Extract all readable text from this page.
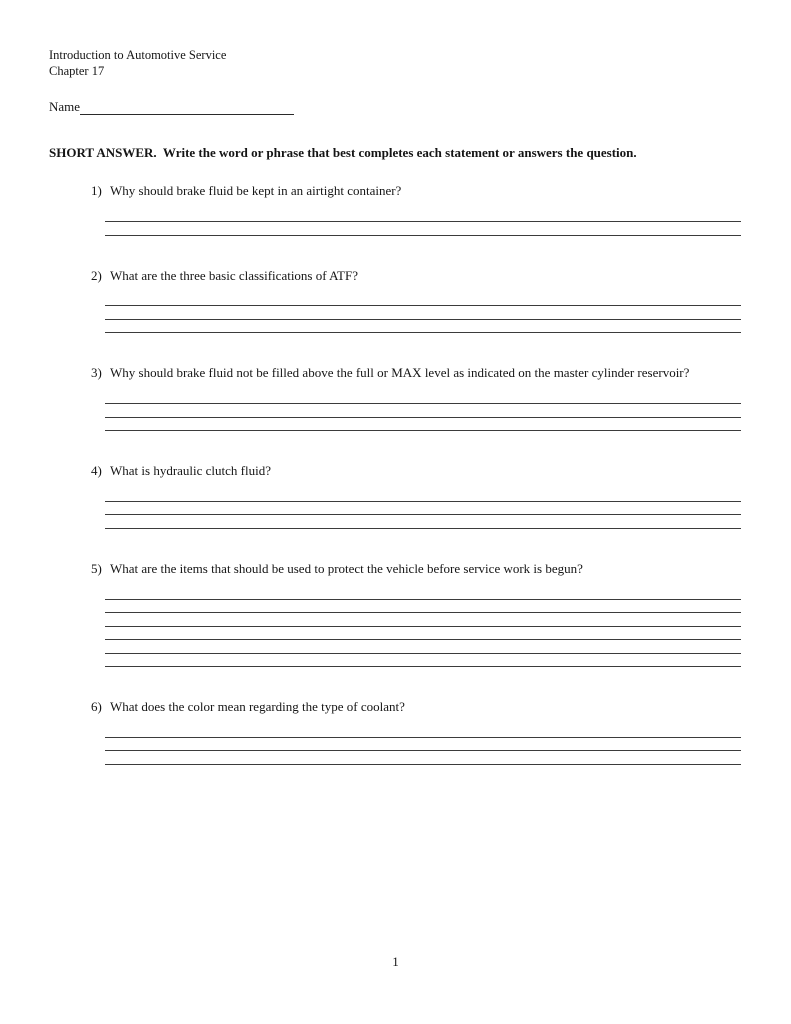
Introduction to Automotive Service
Chapter 17
Name
SHORT ANSWER.  Write the word or phrase that best completes each statement or answers the question.
1) Why should brake fluid be kept in an airtight container?
2) What are the three basic classifications of ATF?
3) Why should brake fluid not be filled above the full or MAX level as indicated on the master cylinder reservoir?
4) What is hydraulic clutch fluid?
5) What are the items that should be used to protect the vehicle before service work is begun?
6) What does the color mean regarding the type of coolant?
1
